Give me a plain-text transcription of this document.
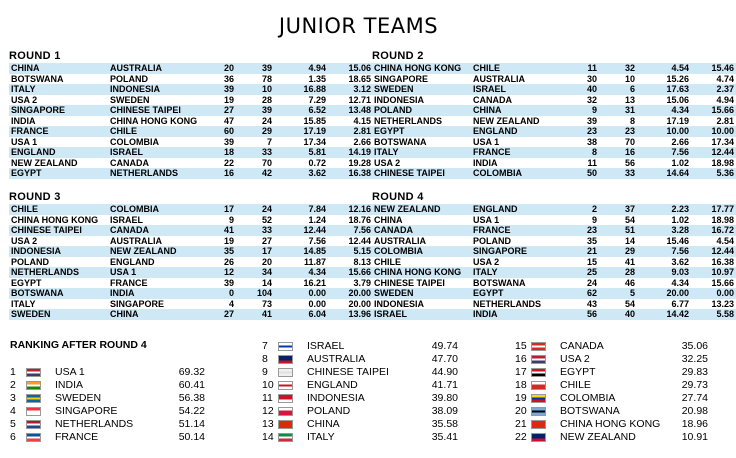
JUNIOR TEAMS
ROUND 1
CHINA	AUSTRALIA	20	39	4.94	15.06
BOTSWANA	POLAND	36	78	1.35	18.65
ITALY	INDONESIA	39	10	16.88	3.12
USA 2	SWEDEN	19	28	7.29	12.71
SINGAPORE	CHINESE TAIPEI	27	39	6.52	13.48
INDIA	CHINA HONG KONG	47	24	15.85	4.15
FRANCE	CHILE	60	29	17.19	2.81
USA 1	COLOMBIA	39	7	17.34	2.66
ENGLAND	ISRAEL	18	33	5.81	14.19
NEW ZEALAND	CANADA	22	70	0.72	19.28
EGYPT	NETHERLANDS	16	42	3.62	16.38
ROUND 2
CHINA HONG KONG	CHILE	11	32	4.54	15.46
SINGAPORE	AUSTRALIA	30	10	15.26	4.74
SWEDEN	ISRAEL	40	6	17.63	2.37
INDONESIA	CANADA	32	13	15.06	4.94
POLAND	CHINA	9	31	4.34	15.66
NETHERLANDS	NEW ZEALAND	39	8	17.19	2.81
EGYPT	ENGLAND	23	23	10.00	10.00
BOTSWANA	USA 1	38	70	2.66	17.34
ITALY	FRANCE	8	16	7.56	12.44
USA 2	INDIA	11	56	1.02	18.98
CHINESE TAIPEI	COLOMBIA	50	33	14.64	5.36
ROUND 3
CHILE	COLOMBIA	17	24	7.84	12.16
CHINA HONG KONG	ISRAEL	9	52	1.24	18.76
CHINESE TAIPEI	CANADA	41	33	12.44	7.56
USA 2	AUSTRALIA	19	27	7.56	12.44
INDONESIA	NEW ZEALAND	35	17	14.85	5.15
POLAND	ENGLAND	26	20	11.87	8.13
NETHERLANDS	USA 1	12	34	4.34	15.66
EGYPT	FRANCE	39	14	16.21	3.79
BOTSWANA	INDIA	0	104	0.00	20.00
ITALY	SINGAPORE	4	73	0.00	20.00
SWEDEN	CHINA	27	41	6.04	13.96
ROUND 4
NEW ZEALAND	ENGLAND	2	37	2.23	17.77
CHINA	USA 1	9	54	1.02	18.98
CANADA	FRANCE	23	51	3.28	16.72
AUSTRALIA	POLAND	35	14	15.46	4.54
COLOMBIA	SINGAPORE	21	29	7.56	12.44
CHILE	USA 2	15	41	3.62	16.38
CHINA HONG KONG	ITALY	25	28	9.03	10.97
CHINESE TAIPEI	BOTSWANA	24	46	4.34	15.66
SWEDEN	EGYPT	62	5	20.00	0.00
INDONESIA	NETHERLANDS	43	54	6.77	13.23
ISRAEL	INDIA	56	40	14.42	5.58
RANKING AFTER ROUND 4
1	USA 1	69.32
2	INDIA	60.41
3	SWEDEN	56.38
4	SINGAPORE	54.22
5	NETHERLANDS	51.14
6	FRANCE	50.14
7	ISRAEL	49.74
8	AUSTRALIA	47.70
9	CHINESE TAIPEI	44.90
10	ENGLAND	41.71
11	INDONESIA	39.80
12	POLAND	38.09
13	CHINA	35.58
14	ITALY	35.41
15	CANADA	35.06
16	USA 2	32.25
17	EGYPT	29.83
18	CHILE	29.73
19	COLOMBIA	27.74
20	BOTSWANA	20.98
21	CHINA HONG KONG 18.96
22	NEW ZEALAND	10.91
